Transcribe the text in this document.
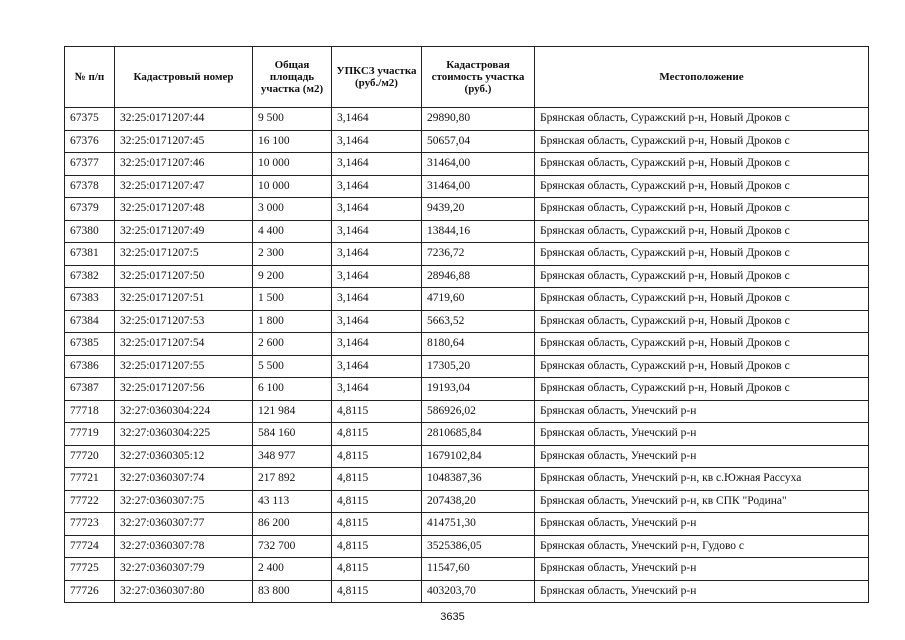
№ п/п	Кадастровый номер	Общая площадь участка (м2)	УПКСЗ участка (руб./м2)	Кадастровая стоимость участка (руб.)	Местоположение
67375	32:25:0171207:44	9 500	3,1464	29890,80	Брянская область, Суражский р-н, Новый Дроков с
67376	32:25:0171207:45	16 100	3,1464	50657,04	Брянская область, Суражский р-н, Новый Дроков с
67377	32:25:0171207:46	10 000	3,1464	31464,00	Брянская область, Суражский р-н, Новый Дроков с
67378	32:25:0171207:47	10 000	3,1464	31464,00	Брянская область, Суражский р-н, Новый Дроков с
67379	32:25:0171207:48	3 000	3,1464	9439,20	Брянская область, Суражский р-н, Новый Дроков с
67380	32:25:0171207:49	4 400	3,1464	13844,16	Брянская область, Суражский р-н, Новый Дроков с
67381	32:25:0171207:5	2 300	3,1464	7236,72	Брянская область, Суражский р-н, Новый Дроков с
67382	32:25:0171207:50	9 200	3,1464	28946,88	Брянская область, Суражский р-н, Новый Дроков с
67383	32:25:0171207:51	1 500	3,1464	4719,60	Брянская область, Суражский р-н, Новый Дроков с
67384	32:25:0171207:53	1 800	3,1464	5663,52	Брянская область, Суражский р-н, Новый Дроков с
67385	32:25:0171207:54	2 600	3,1464	8180,64	Брянская область, Суражский р-н, Новый Дроков с
67386	32:25:0171207:55	5 500	3,1464	17305,20	Брянская область, Суражский р-н, Новый Дроков с
67387	32:25:0171207:56	6 100	3,1464	19193,04	Брянская область, Суражский р-н, Новый Дроков с
77718	32:27:0360304:224	121 984	4,8115	586926,02	Брянская область, Унечский р-н
77719	32:27:0360304:225	584 160	4,8115	2810685,84	Брянская область, Унечский р-н
77720	32:27:0360305:12	348 977	4,8115	1679102,84	Брянская область, Унечский р-н
77721	32:27:0360307:74	217 892	4,8115	1048387,36	Брянская область, Унечский р-н, кв с.Южная Рассуха
77722	32:27:0360307:75	43 113	4,8115	207438,20	Брянская область, Унечский р-н, кв СПК "Родина"
77723	32:27:0360307:77	86 200	4,8115	414751,30	Брянская область, Унечский р-н
77724	32:27:0360307:78	732 700	4,8115	3525386,05	Брянская область, Унечский р-н, Гудово с
77725	32:27:0360307:79	2 400	4,8115	11547,60	Брянская область, Унечский р-н
77726	32:27:0360307:80	83 800	4,8115	403203,70	Брянская область, Унечский р-н
3635
